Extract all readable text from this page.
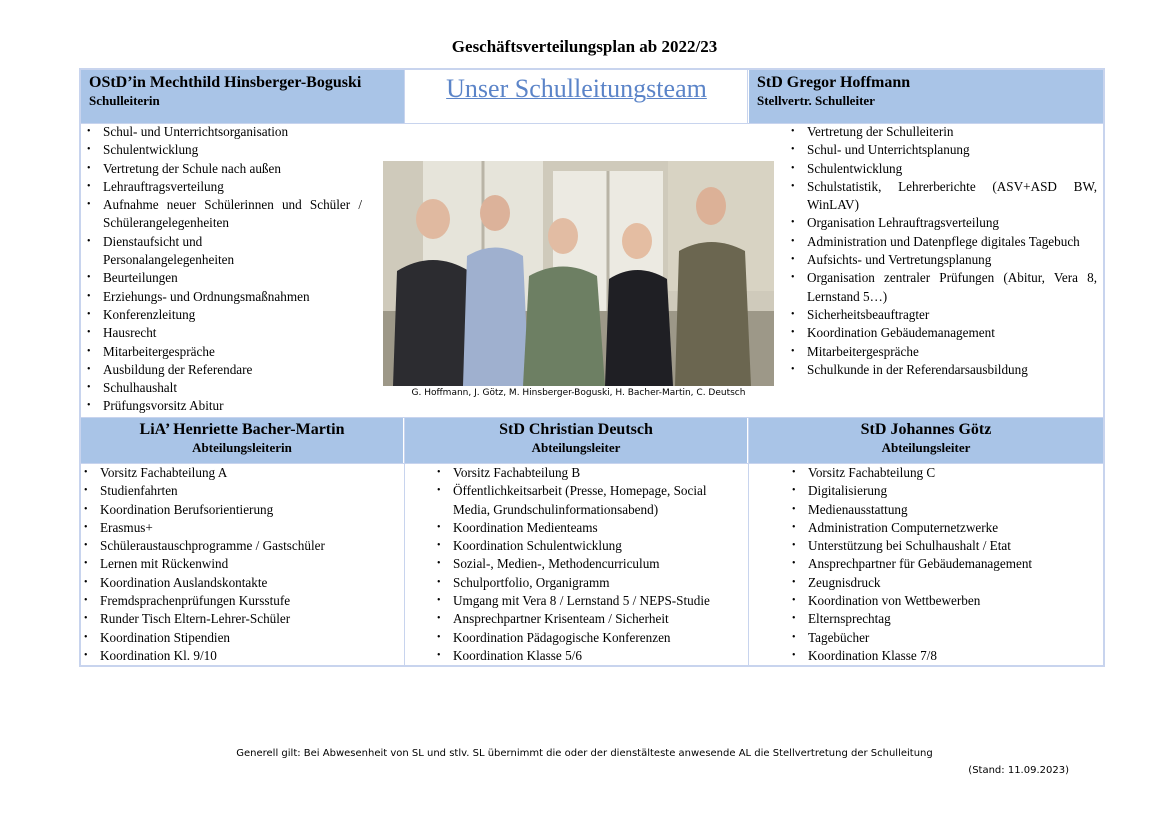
Geschäftsverteilungsplan ab 2022/23
OStD’in Mechthild Hinsberger-Boguski
Schulleiterin	Unser Schulleitungsteam	StD Gregor Hoffmann
Stellvertr. Schulleiter
• Schul- und Unterrichtsorganisation
• Schulentwicklung
• Vertretung der Schule nach außen
• Lehrauftragsverteilung
• Aufnahme neuer Schülerinnen und Schüler / Schülerangelegenheiten
• Dienstaufsicht und Personalangelegenheiten
• Beurteilungen
• Erziehungs- und Ordnungsmaßnahmen
• Konferenzleitung
• Hausrecht
• Mitarbeitergespräche
• Ausbildung der Referendare
• Schulhaushalt
• Prüfungsvorsitz Abitur
• Vertretung der Schulleiterin
• Schul- und Unterrichtsplanung
• Schulentwicklung
• Schulstatistik, Lehrerberichte (ASV+ASD BW, WinLAV)
• Organisation Lehrauftragsverteilung
• Administration und Datenpflege digitales Tagebuch
• Aufsichts- und Vertretungsplanung
• Organisation zentraler Prüfungen (Abitur, Vera 8, Lernstand 5…)
• Sicherheitsbeauftragter
• Koordination Gebäudemanagement
• Mitarbeitergespräche
• Schulkunde in der Referendarsausbildung
G. Hoffmann, J. Götz, M. Hinsberger-Boguski, H. Bacher-Martin, C. Deutsch
LiA’ Henriette Bacher-Martin
Abteilungsleiterin
StD Christian Deutsch
Abteilungsleiter
StD Johannes Götz
Abteilungsleiter
• Vorsitz Fachabteilung A
• Studienfahrten
• Koordination Berufsorientierung
• Erasmus+
• Schüleraustauschprogramme / Gastschüler
• Lernen mit Rückenwind
• Koordination Auslandskontakte
• Fremdsprachenprüfungen Kursstufe
• Runder Tisch Eltern-Lehrer-Schüler
• Koordination Stipendien
• Koordination Kl. 9/10
• Vorsitz Fachabteilung B
• Öffentlichkeitsarbeit (Presse, Homepage, Social Media, Grundschulinformationsabend)
• Koordination Medienteams
• Koordination Schulentwicklung
• Sozial-, Medien-, Methodencurriculum
• Schulportfolio, Organigramm
• Umgang mit Vera 8 / Lernstand 5 / NEPS-Studie
• Ansprechpartner Krisenteam / Sicherheit
• Koordination Pädagogische Konferenzen
• Koordination Klasse 5/6
• Vorsitz Fachabteilung C
• Digitalisierung
• Medienausstattung
• Administration Computernetzwerke
• Unterstützung bei Schulhaushalt / Etat
• Ansprechpartner für Gebäudemanagement
• Zeugnisdruck
• Koordination von Wettbewerben
• Elternsprechtag
• Tagebücher
• Koordination Klasse 7/8
Generell gilt: Bei Abwesenheit von SL und stlv. SL übernimmt die oder der dienstälteste anwesende AL die Stellvertretung der Schulleitung
(Stand: 11.09.2023)
